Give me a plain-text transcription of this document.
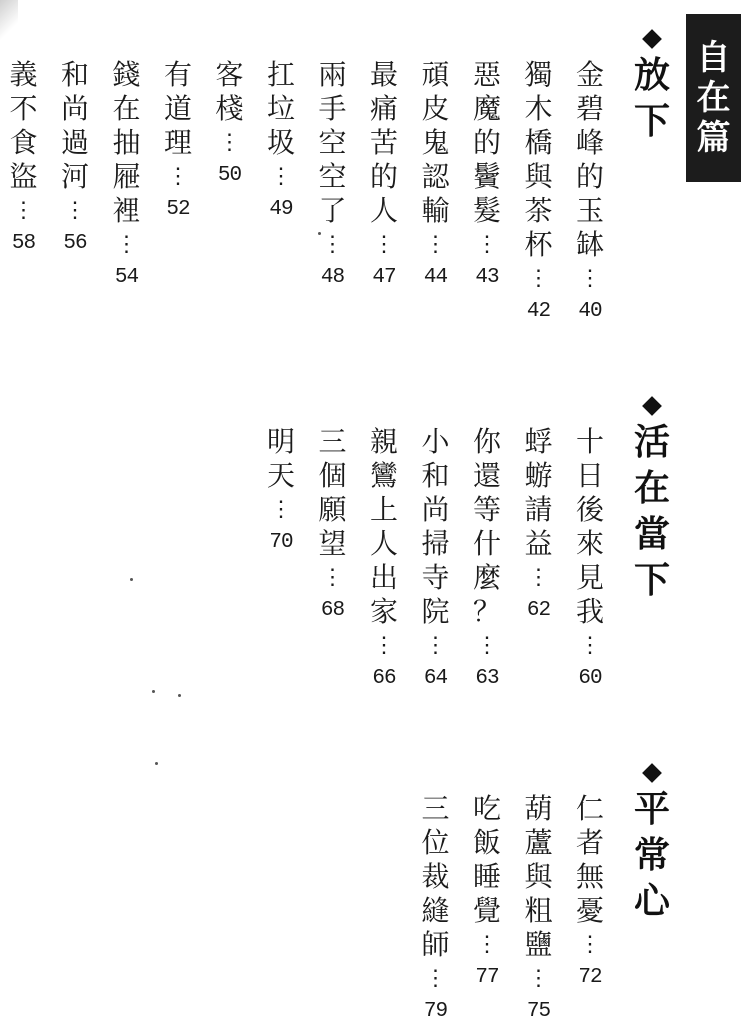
自
在
篇
放
下
活
在
當
下
平
常
心
金
碧
峰
的
玉
缽
⋮
40
獨
木
橋
與
茶
杯
⋮
42
惡
魔
的
鬢
髮
⋮
43
頑
皮
鬼
認
輸
⋮
44
最
痛
苦
的
人
⋮
47
兩
手
空
空
了
⋮
48
扛
垃
圾
⋮
49
客
棧
⋮
50
有
道
理
⋮
52
錢
在
抽
屜
裡
⋮
54
和
尚
過
河
⋮
56
義
不
食
盜
⋮
58
十
日
後
來
見
我
⋮
60
蜉
蝣
請
益
⋮
62
你
還
等
什
麼
？
⋮
63
小
和
尚
掃
寺
院
⋮
64
親
鸞
上
人
出
家
⋮
66
三
個
願
望
⋮
68
明
天
⋮
70
仁
者
無
憂
⋮
72
葫
蘆
與
粗
鹽
⋮
75
吃
飯
睡
覺
⋮
77
三
位
裁
縫
師
⋮
79
